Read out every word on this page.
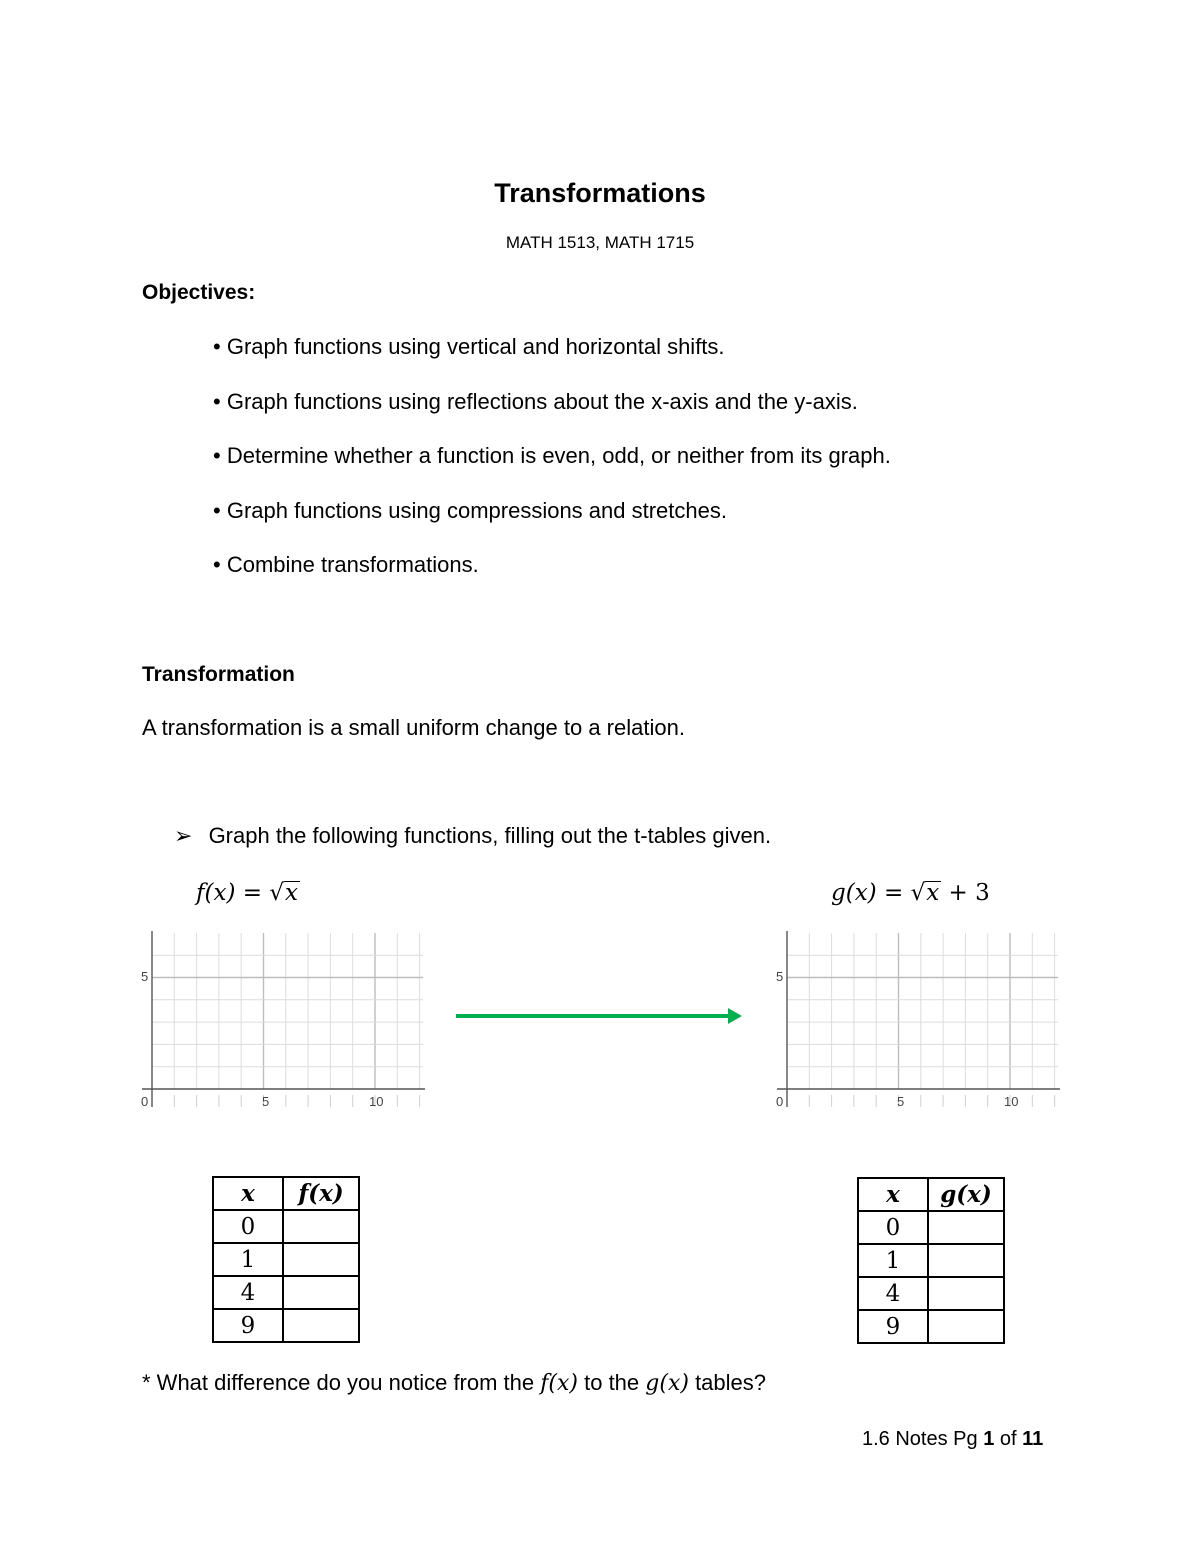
Transformations
MATH 1513, MATH 1715
Objectives:
• Graph functions using vertical and horizontal shifts.
• Graph functions using reflections about the x-axis and the y-axis.
• Determine whether a function is even, odd, or neither from its graph.
• Graph functions using compressions and stretches.
• Combine transformations.
Transformation
A transformation is a small uniform change to a relation.
➢ Graph the following functions, filling out the t-tables given.
f(x) = √x	g(x) = √x + 3
5
0	5	10
5
0	5	10
x	f(x)
0	
1	
4	
9	
x	g(x)
0	
1	
4	
9	
* What difference do you notice from the f(x) to the g(x) tables?
1.6 Notes Pg 1 of 11
